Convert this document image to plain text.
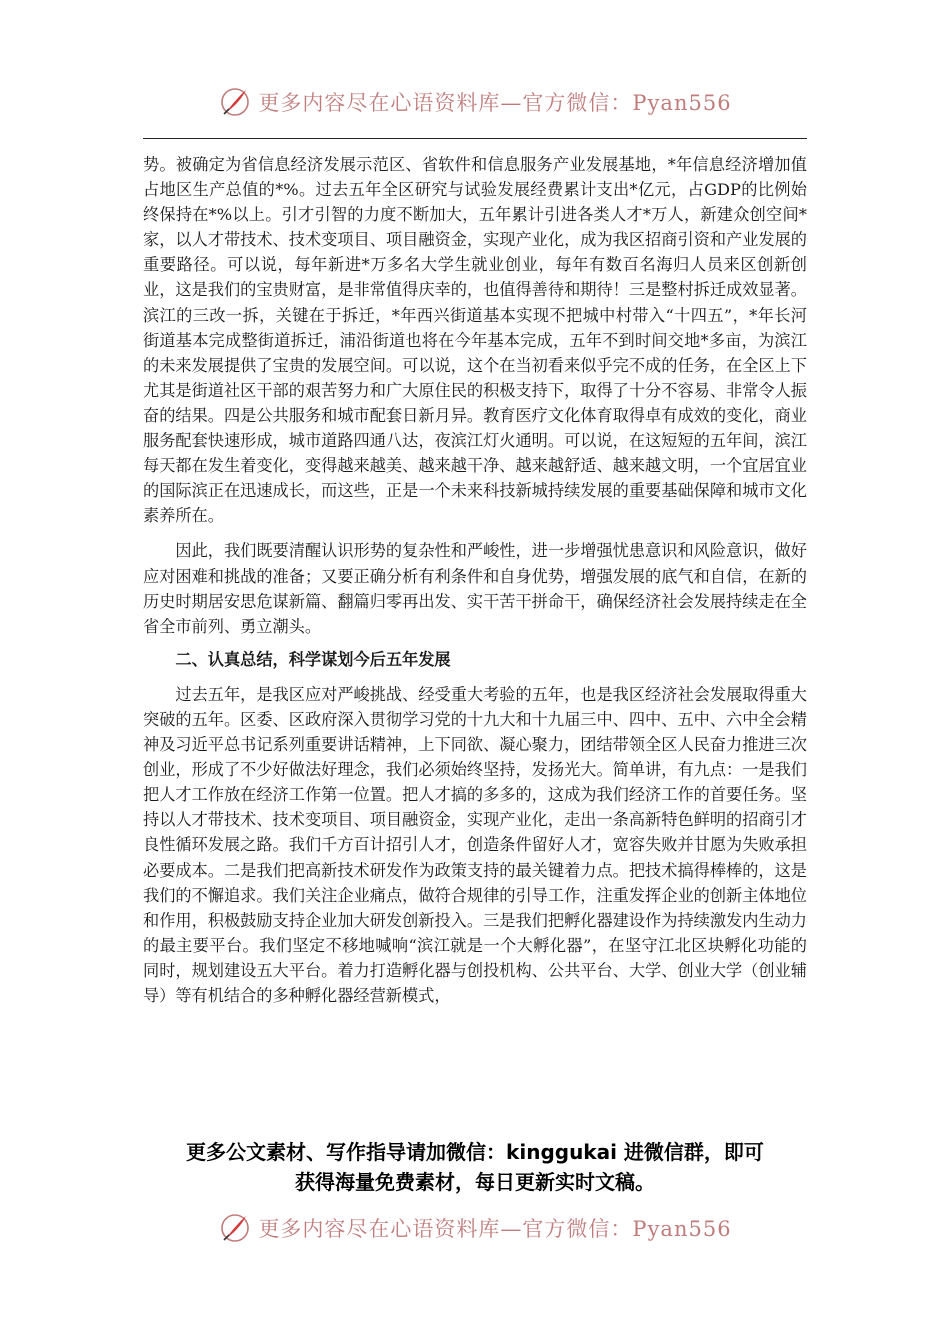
更多内容尽在心语资料库—官方微信：Pyan556

势。被确定为省信息经济发展示范区、省软件和信息服务产业发展基地，*年信息经济增加值占地区生产总值的*%。过去五年全区研究与试验发展经费累计支出*亿元，占GDP的比例始终保持在*%以上。引才引智的力度不断加大，五年累计引进各类人才*万人，新建众创空间*家，以人才带技术、技术变项目、项目融资金，实现产业化，成为我区招商引资和产业发展的重要路径。可以说，每年新进*万多名大学生就业创业，每年有数百名海归人员来区创新创业，这是我们的宝贵财富，是非常值得庆幸的，也值得善待和期待！三是整村拆迁成效显著。滨江的三改一拆，关键在于拆迁，*年西兴街道基本实现不把城中村带入“十四五”，*年长河街道基本完成整街道拆迁，浦沿街道也将在今年基本完成，五年不到时间交地*多亩，为滨江的未来发展提供了宝贵的发展空间。可以说，这个在当初看来似乎完不成的任务，在全区上下尤其是街道社区干部的艰苦努力和广大原住民的积极支持下，取得了十分不容易、非常令人振奋的结果。四是公共服务和城市配套日新月异。教育医疗文化体育取得卓有成效的变化，商业服务配套快速形成，城市道路四通八达，夜滨江灯火通明。可以说，在这短短的五年间，滨江每天都在发生着变化，变得越来越美、越来越干净、越来越舒适、越来越文明，一个宜居宜业的国际滨正在迅速成长，而这些，正是一个未来科技新城持续发展的重要基础保障和城市文化素养所在。

因此，我们既要清醒认识形势的复杂性和严峻性，进一步增强忧患意识和风险意识，做好应对困难和挑战的准备；又要正确分析有利条件和自身优势，增强发展的底气和自信，在新的历史时期居安思危谋新篇、翻篇归零再出发、实干苦干拼命干，确保经济社会发展持续走在全省全市前列、勇立潮头。

二、认真总结，科学谋划今后五年发展

过去五年，是我区应对严峻挑战、经受重大考验的五年，也是我区经济社会发展取得重大突破的五年。区委、区政府深入贯彻学习党的十九大和十九届三中、四中、五中、六中全会精神及习近平总书记系列重要讲话精神，上下同欲、凝心聚力，团结带领全区人民奋力推进三次创业，形成了不少好做法好理念，我们必须始终坚持，发扬光大。简单讲，有九点：一是我们把人才工作放在经济工作第一位置。把人才搞的多多的，这成为我们经济工作的首要任务。坚持以人才带技术、技术变项目、项目融资金，实现产业化，走出一条高新特色鲜明的招商引才良性循环发展之路。我们千方百计招引人才，创造条件留好人才，宽容失败并甘愿为失败承担必要成本。二是我们把高新技术研发作为政策支持的最关键着力点。把技术搞得棒棒的，这是我们的不懈追求。我们关注企业痛点，做符合规律的引导工作，注重发挥企业的创新主体地位和作用，积极鼓励支持企业加大研发创新投入。三是我们把孵化器建设作为持续激发内生动力的最主要平台。我们坚定不移地喊响“滨江就是一个大孵化器”，在坚守江北区块孵化功能的同时，规划建设五大平台。着力打造孵化器与创投机构、公共平台、大学、创业大学（创业辅导）等有机结合的多种孵化器经营新模式，

更多公文素材、写作指导请加微信：kinggukai 进微信群，即可
获得海量免费素材，每日更新实时文稿。
更多内容尽在心语资料库—官方微信：Pyan556
